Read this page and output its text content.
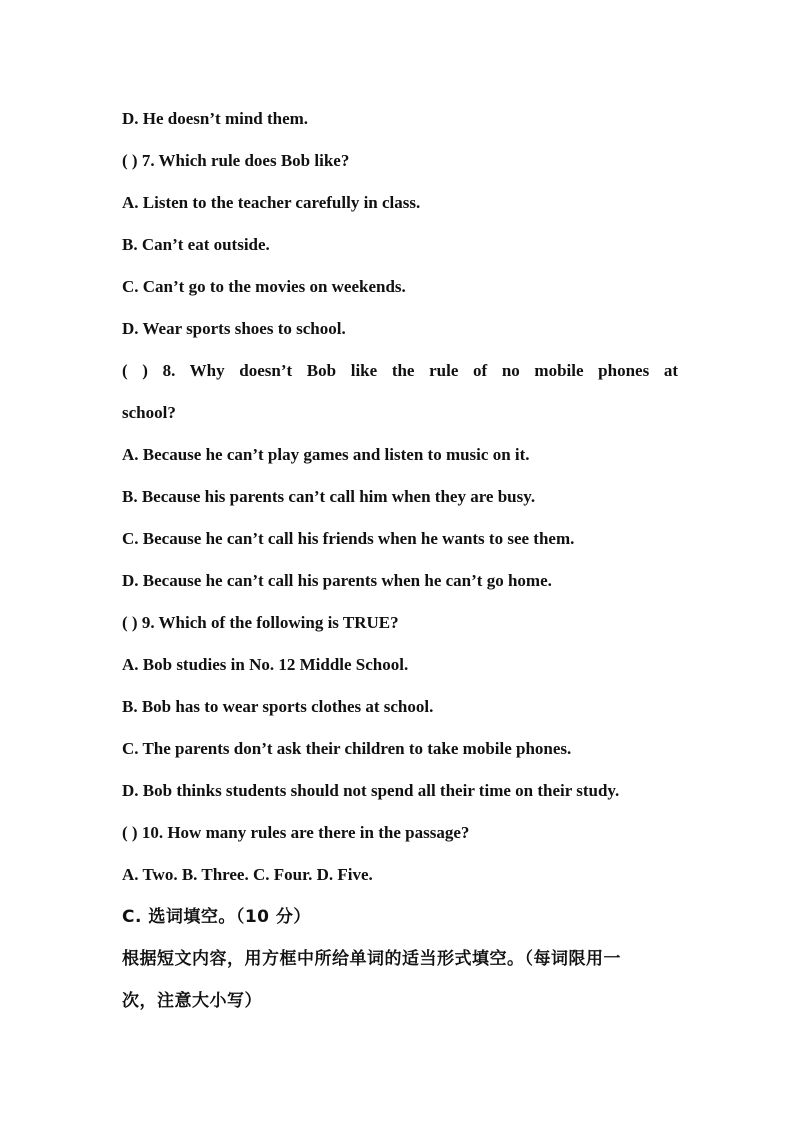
D. He doesn’t mind them.
( ) 7. Which rule does Bob like?
A. Listen to the teacher carefully in class.
B. Can’t eat outside.
C. Can’t go to the movies on weekends.
D. Wear sports shoes to school.
( ) 8. Why doesn’t Bob like the rule of no mobile phones at
school?
A. Because he can’t play games and listen to music on it.
B. Because his parents can’t call him when they are busy.
C. Because he can’t call his friends when he wants to see them.
D. Because he can’t call his parents when he can’t go home.
( ) 9. Which of the following is TRUE?
A. Bob studies in No. 12 Middle School.
B. Bob has to wear sports clothes at school.
C. The parents don’t ask their children to take mobile phones.
D. Bob thinks students should not spend all their time on their study.
( ) 10. How many rules are there in the passage?
A. Two. B. Three. C. Four. D. Five.
C. 选词填空。（10 分）
根据短文内容，用方框中所给单词的适当形式填空。（每词限用一
次，注意大小写）
